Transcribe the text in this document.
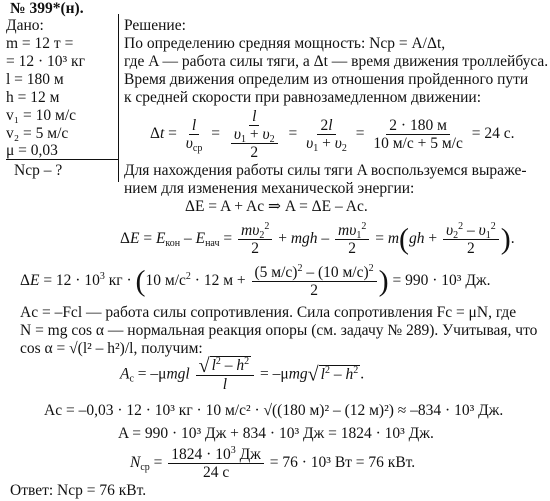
№ 399*(н).
Дано:
m = 12 т =
= 12 · 10³ кг
l = 180 м
h = 12 м
v₁ = 10 м/с
v₂ = 5 м/с
μ = 0,03
Nср – ?
Решение:
По определению средняя мощность: Nср = A/Δt,
где A — работа силы тяги, а Δt — время движения троллейбуса.
Время движения определим из отношения пройденного пути
к средней скорости при равнозамедленном движении:
$\Delta t = \frac{l}{\upsilon_{ср}} = \frac{l}{\frac{\upsilon_1 + \upsilon_2}{2}} = \frac{2l}{\upsilon_1 + \upsilon_2} = \frac{2 \cdot 180 м}{10 м/с + 5 м/с} = 24$ с.
Для нахождения работы силы тяги A воспользуемся выраже-
нием для изменения механической энергии:
ΔE = A + Aс ⇒ A = ΔE – Aс.
$\Delta E = E_{кон} - E_{нач} = \frac{m\upsilon_2^2}{2}$ + mgh – $\frac{m\upsilon_1^2}{2} = m(gh + \frac{\upsilon_2^2 - \upsilon_1^2}{2}$ ).
$\Delta E = 12 \cdot 10^3$ кг · (10 $м/с^2 \cdot 12$ $м + \frac{(5 м/с)^2 - (10 м/с)^2}{2}$ ) = 990 · 10³ Дж.
Aс = –Fсl — работа силы сопротивления. Сила сопротивления Fс = μN, где
N = mg cos α — нормальная реакция опоры (см. задачу № 289). Учитывая, что
cos α = √(l² – h²)/l, получим:
$A_с = -\mu mgl \frac{√ l^2 - h^2}{l} = -\mu mg√$ $l^2 - h^2$ .
Aс = –0,03 · 12 · 10³ кг · 10 м/с² · √((180 м)² – (12 м)²) ≈ –834 · 10³ Дж.
A = 990 · 10³ Дж + 834 · 10³ Дж = 1824 · 10³ Дж.
$N_{ср} = \frac{1824 \cdot 10^3 Дж}{24 с} = 76 \cdot 10^3$ Вт = 76 кВт.
Ответ: Nср = 76 кВт.
